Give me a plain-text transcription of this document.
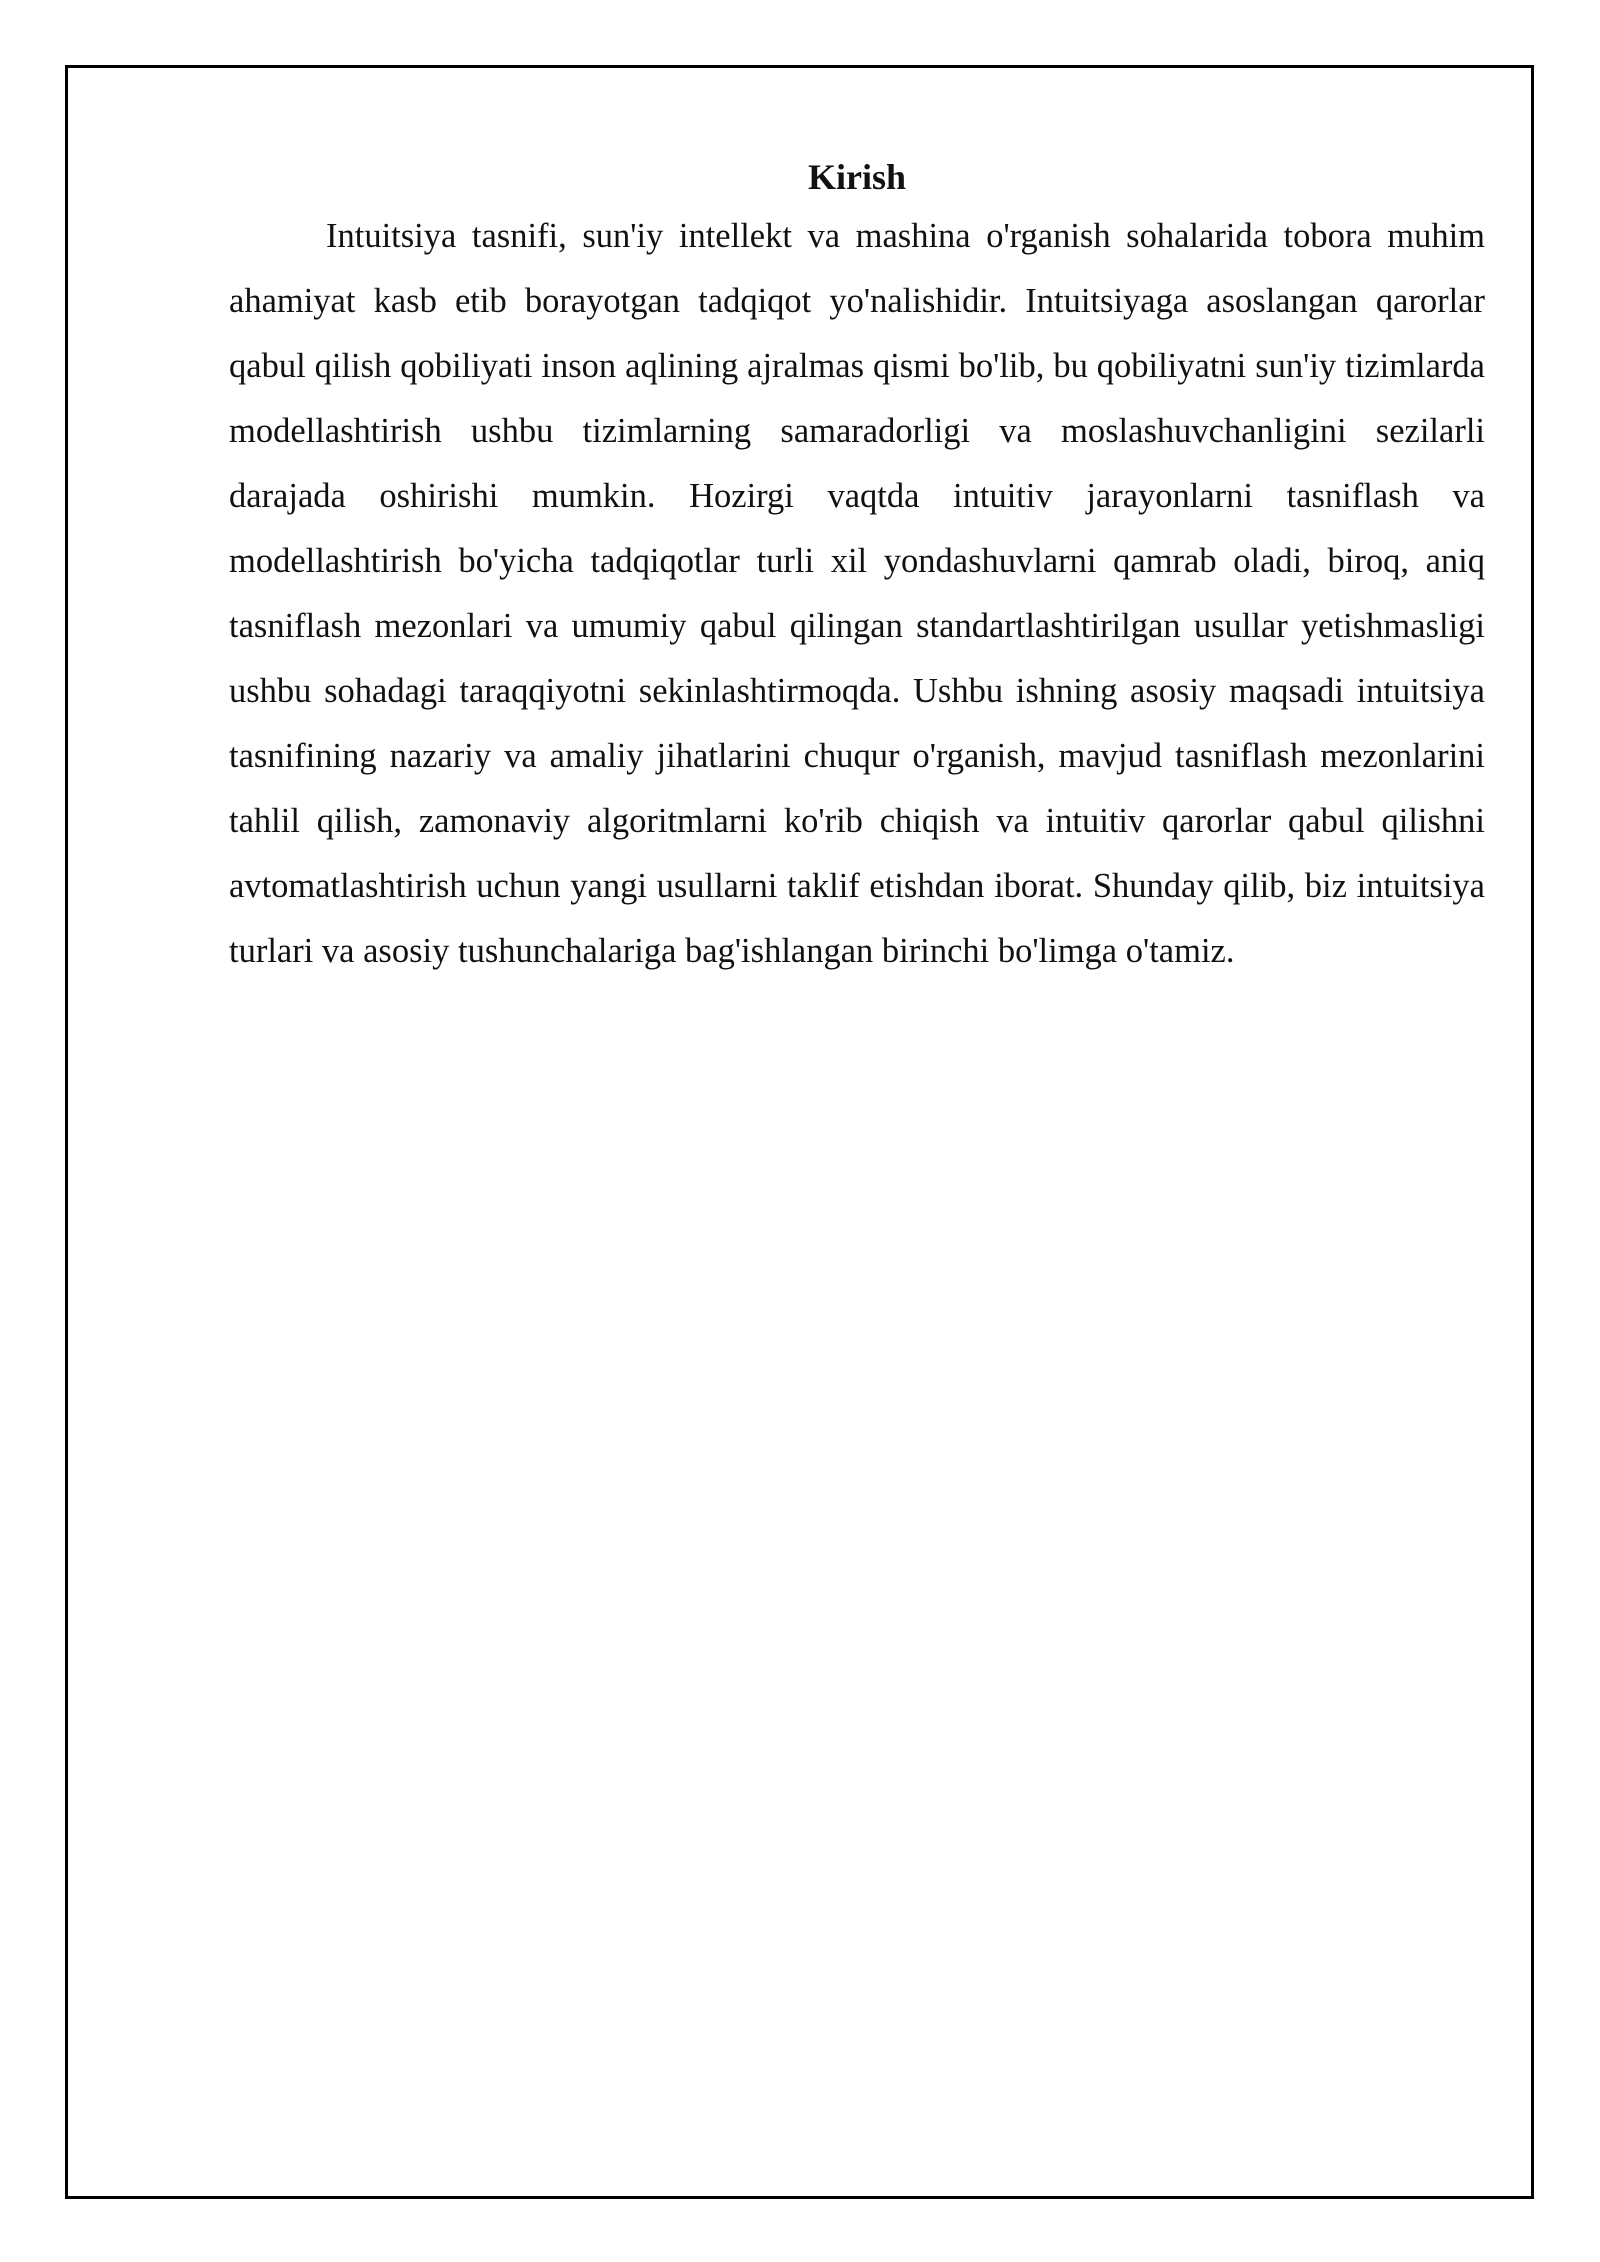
Kirish

Intuitsiya tasnifi, sun'iy intellekt va mashina o'rganish sohalarida tobora muhim ahamiyat kasb etib borayotgan tadqiqot yo'nalishidir. Intuitsiyaga asoslangan qarorlar qabul qilish qobiliyati inson aqlining ajralmas qismi bo'lib, bu qobiliyatni sun'iy tizimlarda modellashtirish ushbu tizimlarning samaradorligi va moslashuvchanligini sezilarli darajada oshirishi mumkin. Hozirgi vaqtda intuitiv jarayonlarni tasniflash va modellashtirish bo'yicha tadqiqotlar turli xil yondashuvlarni qamrab oladi, biroq, aniq tasniflash mezonlari va umumiy qabul qilingan standartlashtirilgan usullar yetishmasligi ushbu sohadagi taraqqiyotni sekinlashtirmoqda. Ushbu ishning asosiy maqsadi intuitsiya tasnifining nazariy va amaliy jihatlarini chuqur o'rganish, mavjud tasniflash mezonlarini tahlil qilish, zamonaviy algoritmlarni ko'rib chiqish va intuitiv qarorlar qabul qilishni avtomatlashtirish uchun yangi usullarni taklif etishdan iborat. Shunday qilib, biz intuitsiya turlari va asosiy tushunchalariga bag'ishlangan birinchi bo'limga o'tamiz.
